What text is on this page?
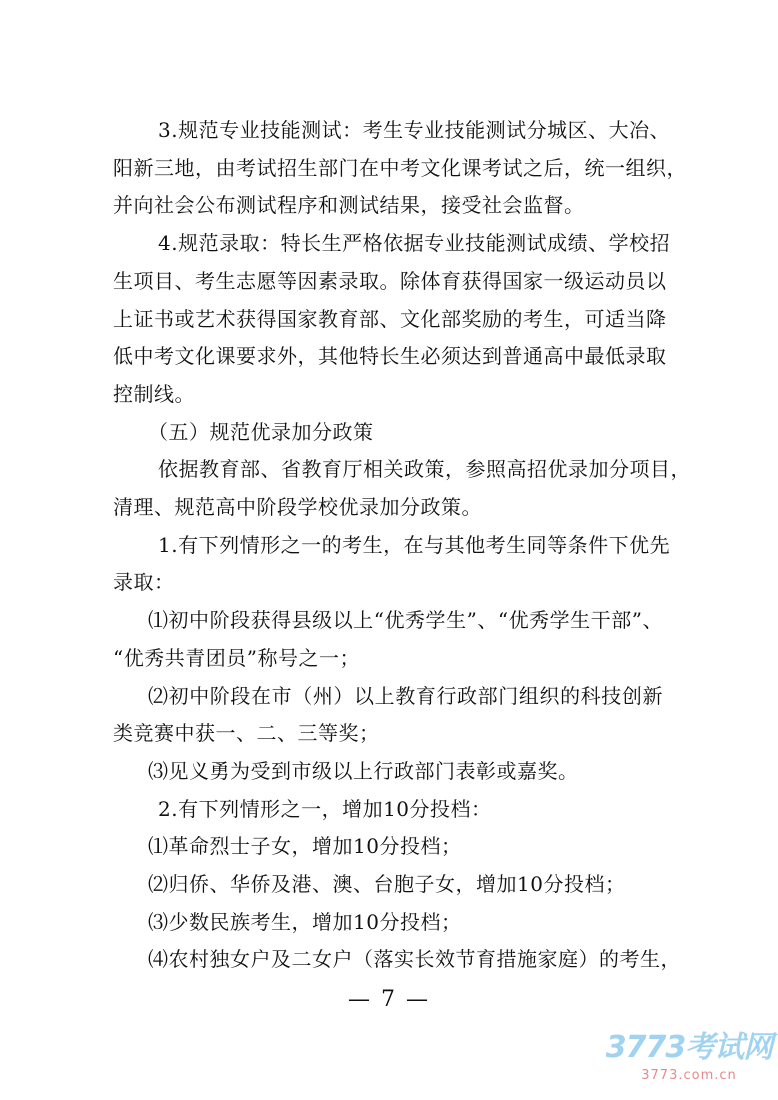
3.规范专业技能测试：考生专业技能测试分城区、大冶、
阳新三地，由考试招生部门在中考文化课考试之后，统一组织，
并向社会公布测试程序和测试结果，接受社会监督。
4.规范录取：特长生严格依据专业技能测试成绩、学校招
生项目、考生志愿等因素录取。除体育获得国家一级运动员以
上证书或艺术获得国家教育部、文化部奖励的考生，可适当降
低中考文化课要求外，其他特长生必须达到普通高中最低录取
控制线。
（五）规范优录加分政策
依据教育部、省教育厅相关政策，参照高招优录加分项目，
清理、规范高中阶段学校优录加分政策。
1.有下列情形之一的考生，在与其他考生同等条件下优先
录取：
⑴初中阶段获得县级以上“优秀学生”、“优秀学生干部”、
“优秀共青团员”称号之一；
⑵初中阶段在市（州）以上教育行政部门组织的科技创新
类竞赛中获一、二、三等奖；
⑶见义勇为受到市级以上行政部门表彰或嘉奖。
2.有下列情形之一，增加10分投档：
⑴革命烈士子女，增加10分投档；
⑵归侨、华侨及港、澳、台胞子女，增加10分投档；
⑶少数民族考生，增加10分投档；
⑷农村独女户及二女户（落实长效节育措施家庭）的考生，
— 7 —
3773考试网
3773.com.cn
